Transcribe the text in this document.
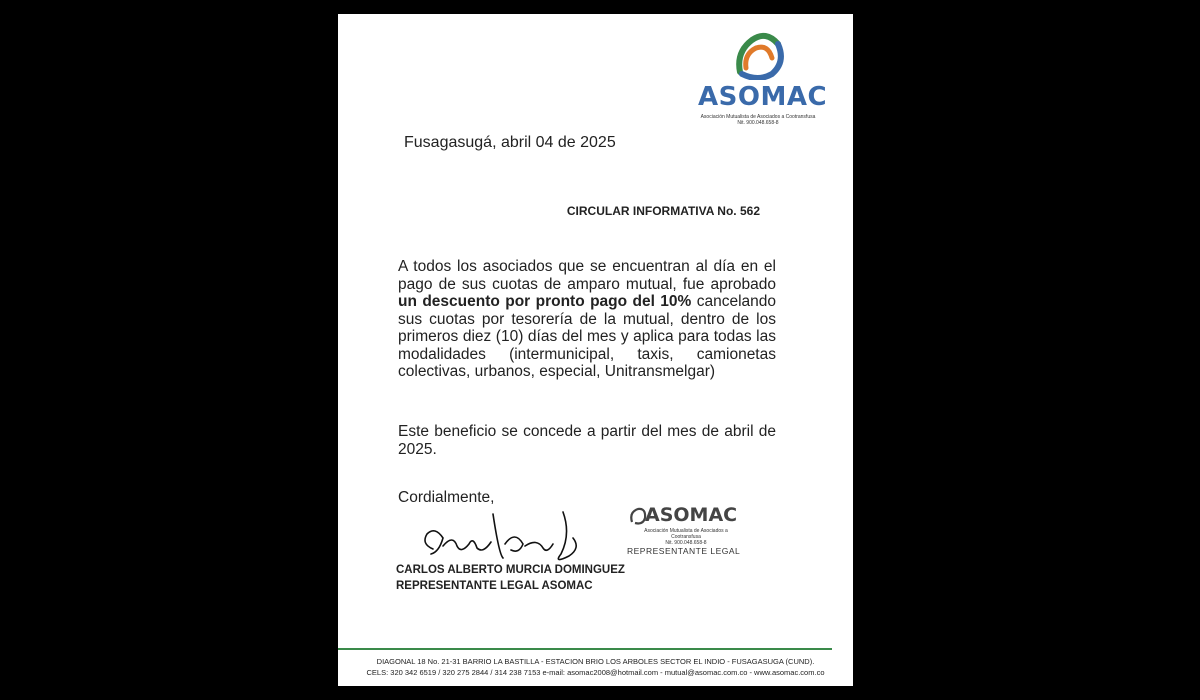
ASOMAC
Asociación Mutualista de Asociados a Cootransfusa
Nit. 900.048.658-8
Fusagasugá, abril 04 de 2025
CIRCULAR INFORMATIVA No. 562
A todos los asociados que se encuentran al día en el pago de sus cuotas de amparo mutual, fue aprobado un descuento por pronto pago del 10% cancelando sus cuotas por tesorería de la mutual, dentro de los primeros diez (10) días del mes y aplica para todas las modalidades (intermunicipal, taxis, camionetas colectivas, urbanos, especial, Unitransmelgar)
Este beneficio se concede a partir del mes de abril de 2025.
Cordialmente,
CARLOS ALBERTO MURCIA DOMINGUEZ
REPRESENTANTE LEGAL ASOMAC
ASOMAC
Asociación Mutualista de Asociados a Cootransfusa
Nit. 900.048.658-8
REPRESENTANTE LEGAL
DIAGONAL 18 No. 21-31 BARRIO LA BASTILLA - ESTACION BRIO LOS ARBOLES SECTOR EL INDIO - FUSAGASUGA (CUND).
CELS: 320 342 6519 / 320 275 2844 / 314 238 7153 e-mail: asomac2008@hotmail.com - mutual@asomac.com.co - www.asomac.com.co
